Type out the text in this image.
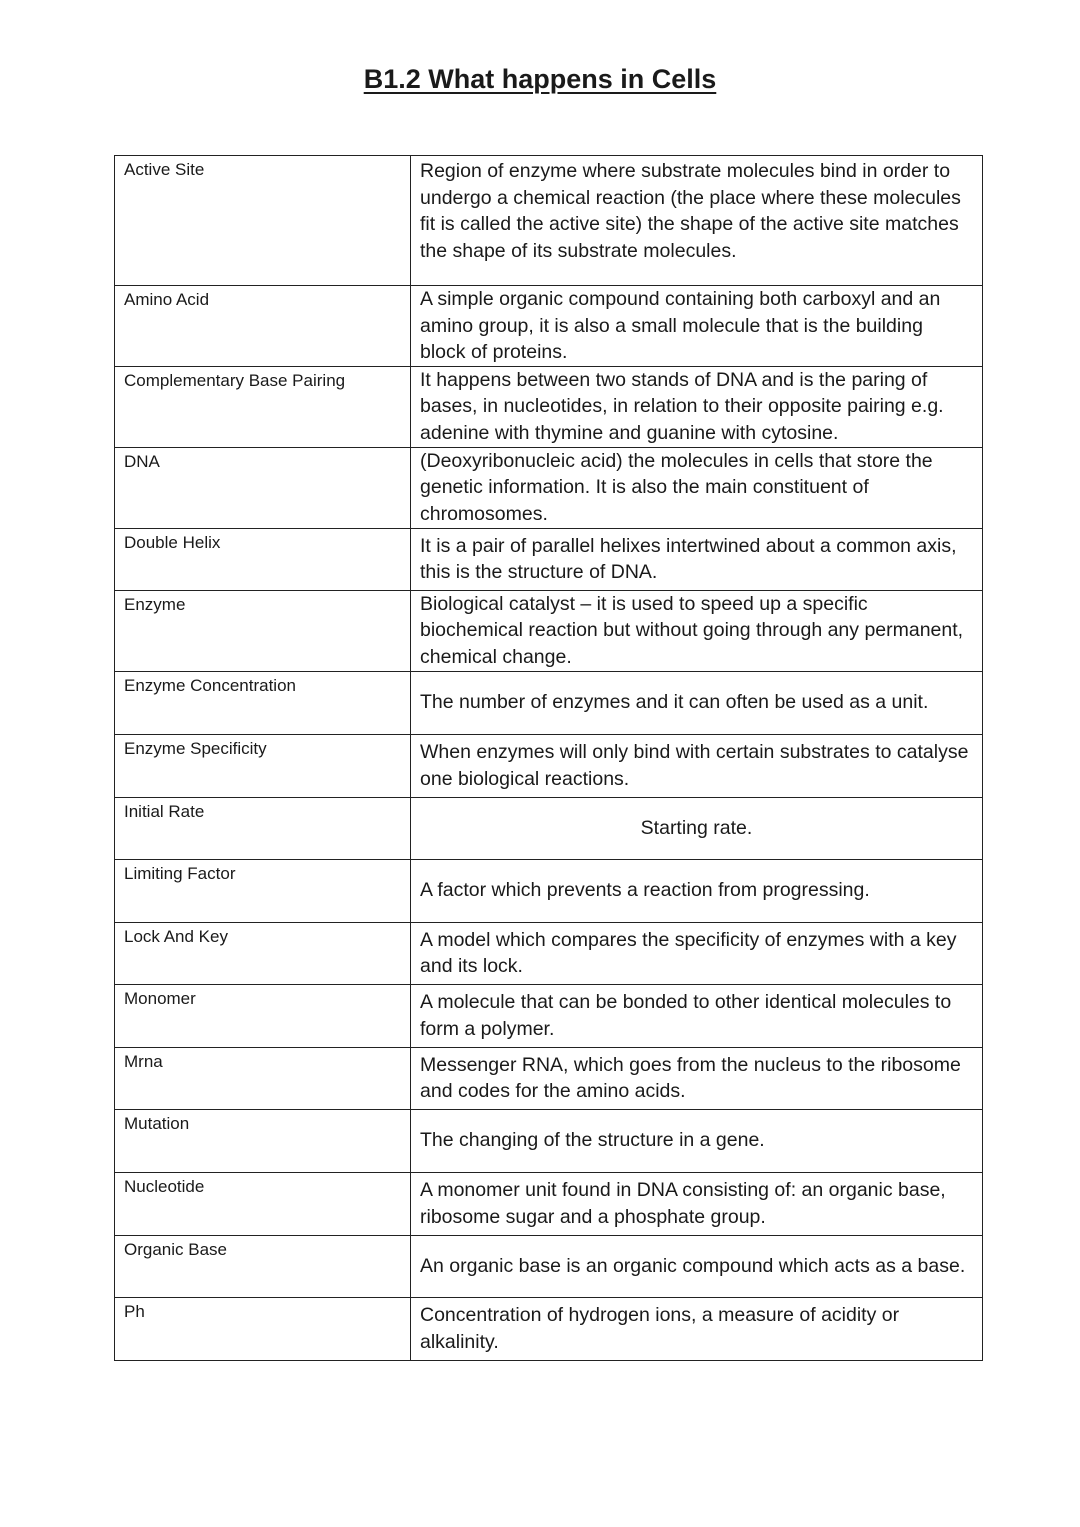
B1.2 What happens in Cells
Active Site	Region of enzyme where substrate molecules bind in order to undergo a chemical reaction (the place where these molecules fit is called the active site) the shape of the active site matches the shape of its substrate molecules.
Amino Acid	A simple organic compound containing both carboxyl and an amino group, it is also a small molecule that is the building block of proteins.
Complementary Base Pairing	It happens between two stands of DNA and is the paring of bases, in nucleotides, in relation to their opposite pairing e.g. adenine with thymine and guanine with cytosine.
DNA	(Deoxyribonucleic acid) the molecules in cells that store the genetic information. It is also the main constituent of chromosomes.
Double Helix	It is a pair of parallel helixes intertwined about a common axis, this is the structure of DNA.
Enzyme	Biological catalyst – it is used to speed up a specific biochemical reaction but without going through any permanent, chemical change.
Enzyme Concentration	The number of enzymes and it can often be used as a unit.
Enzyme Specificity	When enzymes will only bind with certain substrates to catalyse one biological reactions.
Initial Rate	Starting rate.
Limiting Factor	A factor which prevents a reaction from progressing.
Lock And Key	A model which compares the specificity of enzymes with a key and its lock.
Monomer	A molecule that can be bonded to other identical molecules to form a polymer.
Mrna	Messenger RNA, which goes from the nucleus to the ribosome and codes for the amino acids.
Mutation	The changing of the structure in a gene.
Nucleotide	A monomer unit found in DNA consisting of: an organic base, ribosome sugar and a phosphate group.
Organic Base	An organic base is an organic compound which acts as a base.
Ph	Concentration of hydrogen ions, a measure of acidity or alkalinity.
